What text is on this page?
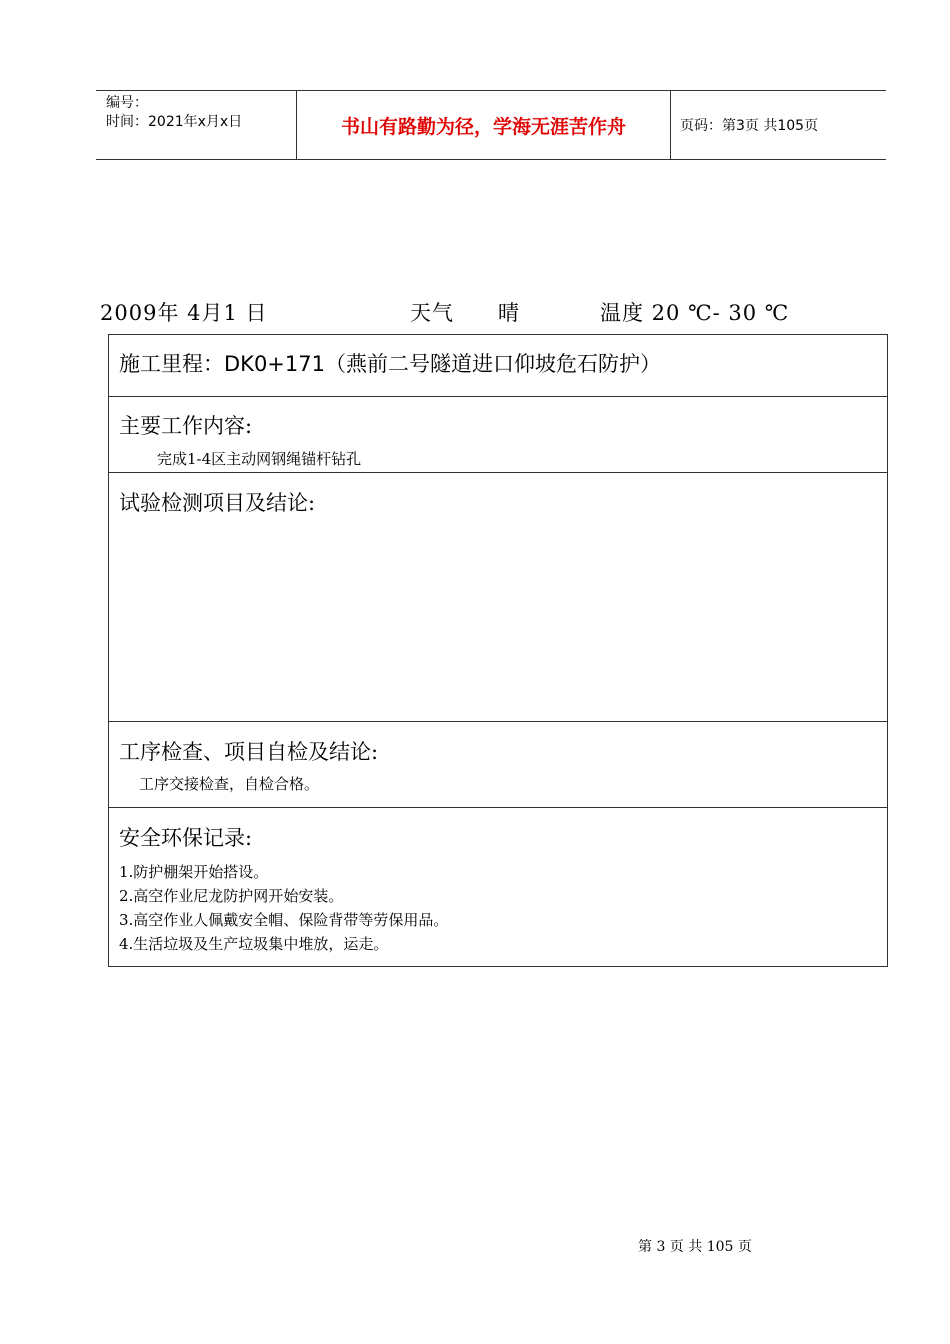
编号：
时间：2021年x月x日	书山有路勤为径，学海无涯苦作舟	页码：第3页 共105页
2009年 4月1 日	天气 晴	温度 20 ℃- 30 ℃
施工里程：DK0+171（燕前二号隧道进口仰坡危石防护）
主要工作内容:
完成1-4区主动网钢绳锚杆钻孔
试验检测项目及结论:
工序检查、项目自检及结论:
工序交接检查，自检合格。
安全环保记录:
1.防护棚架开始搭设。
2.高空作业尼龙防护网开始安装。
3.高空作业人佩戴安全帽、保险背带等劳保用品。
4.生活垃圾及生产垃圾集中堆放，运走。
第 3 页 共 105 页
